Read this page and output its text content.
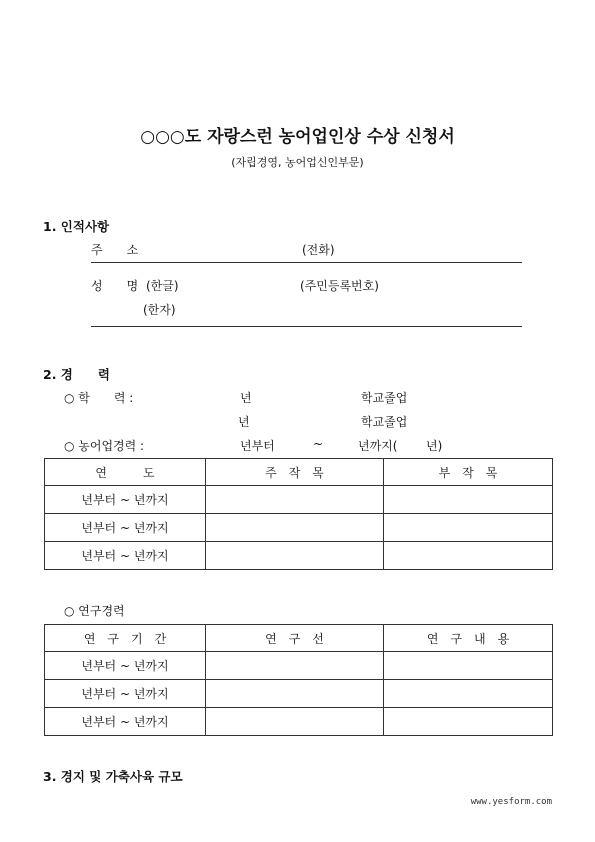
○○○도 자랑스런 농어업인상 수상 신청서
(자립경영, 농어업신인부문)
1. 인적사항
주　　소	(전화)
성　　명 (한글)	(주민등록번호)
(한자)
2. 경　　력
○ 학　　력 :	년	학교졸업
년	학교졸업
○ 농어업경력 :	년부터	~	년까지( 년)
연　　　도	주　작　목	부　작　목
년부터 ~ 년까지		
년부터 ~ 년까지		
년부터 ~ 년까지		
○ 연구경력
연　구　기　간	연　구　선	연　구　내　용
년부터 ~ 년까지		
년부터 ~ 년까지		
년부터 ~ 년까지		
3. 경지 및 가축사육 규모
www.yesform.com
